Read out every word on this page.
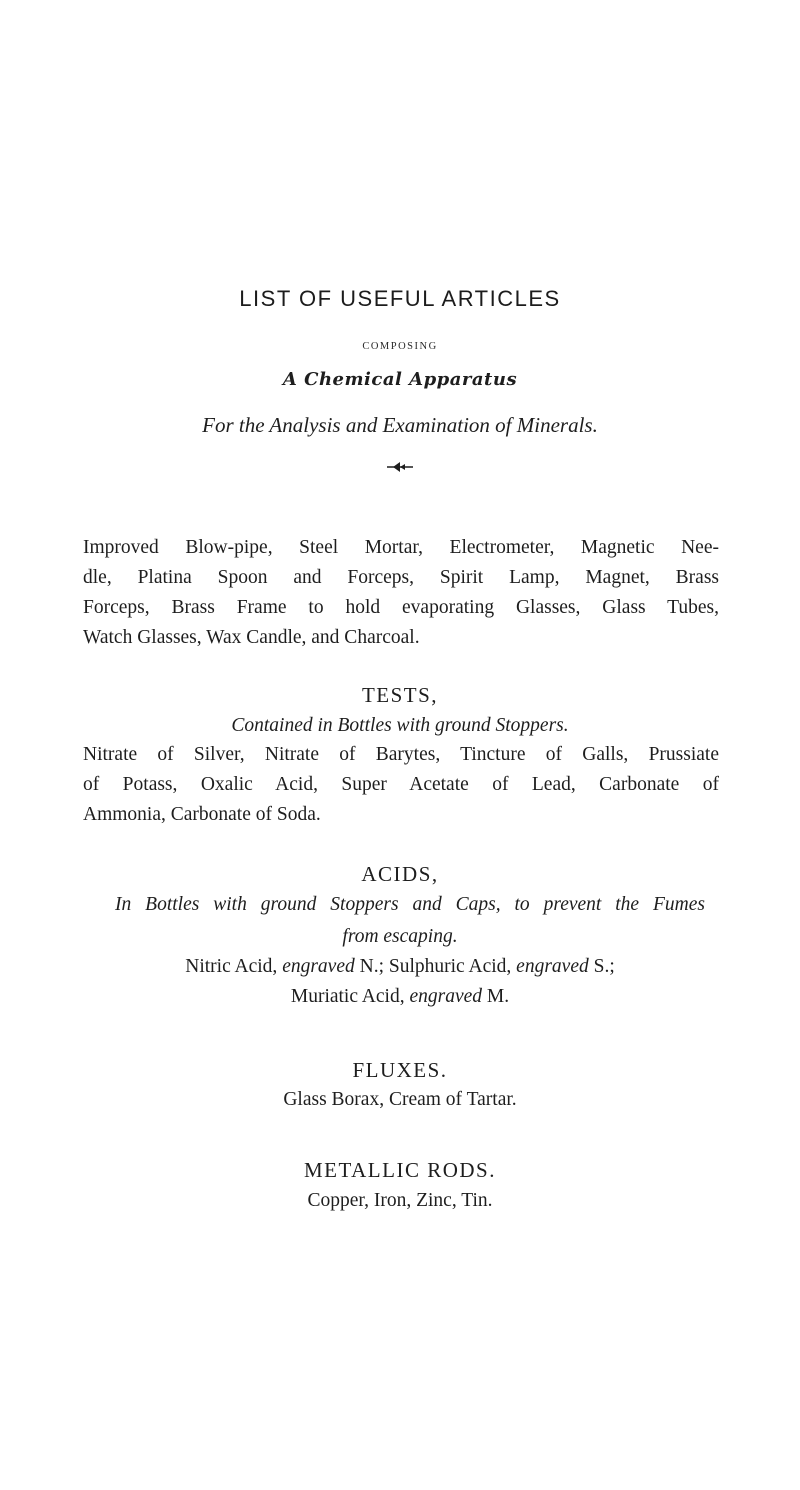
LIST OF USEFUL ARTICLES
COMPOSING
A Chemical Apparatus
For the Analysis and Examination of Minerals.
Improved Blow-pipe, Steel Mortar, Electrometer, Magnetic Nee-
dle, Platina Spoon and Forceps, Spirit Lamp, Magnet, Brass
Forceps, Brass Frame to hold evaporating Glasses, Glass Tubes,
Watch Glasses, Wax Candle, and Charcoal.
TESTS,
Contained in Bottles with ground Stoppers.
Nitrate of Silver, Nitrate of Barytes, Tincture of Galls, Prussiate
of Potass, Oxalic Acid, Super Acetate of Lead, Carbonate of
Ammonia, Carbonate of Soda.
ACIDS,
In Bottles with ground Stoppers and Caps, to prevent the Fumes
from escaping.
Nitric Acid, engraved N.; Sulphuric Acid, engraved S.;
Muriatic Acid, engraved M.
FLUXES.
Glass Borax, Cream of Tartar.
METALLIC RODS.
Copper, Iron, Zinc, Tin.
